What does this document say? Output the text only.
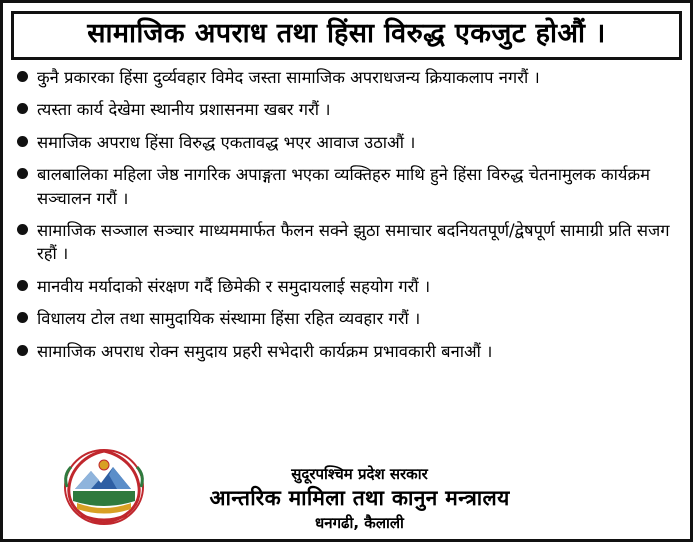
सामाजिक अपराध तथा हिंसा विरुद्ध एकजुट होऔं ।
कुनै प्रकारका हिंसा दुर्व्यवहार विमेद जस्ता सामाजिक अपराधजन्य क्रियाकलाप नगरौं ।
त्यस्ता कार्य देखेमा स्थानीय प्रशासनमा खबर गरौं ।
समाजिक अपराध हिंसा विरुद्ध एकतावद्ध भएर आवाज उठाऔं ।
बालबालिका महिला जेष्ठ नागरिक अपाङ्गता भएका व्यक्तिहरु माथि हुने हिंसा विरुद्ध चेतनामुलक कार्यक्रम सञ्चालन गरौं ।
सामाजिक सञ्जाल सञ्चार माध्यममार्फत फैलन सक्ने झुठा समाचार बदनियतपूर्ण/द्वेषपूर्ण सामाग्री प्रति सजग रहौं ।
मानवीय मर्यादाको संरक्षण गर्दै छिमेकी र समुदायलाई सहयोग गरौं ।
विधालय टोल तथा सामुदायिक संस्थामा हिंसा रहित व्यवहार गरौं ।
सामाजिक अपराध रोक्न समुदाय प्रहरी सभेदारी कार्यक्रम प्रभावकारी बनाऔं ।
सुदूरपश्चिम प्रदेश सरकार
आन्तरिक मामिला तथा कानुन मन्त्रालय
धनगढी, कैलाली
